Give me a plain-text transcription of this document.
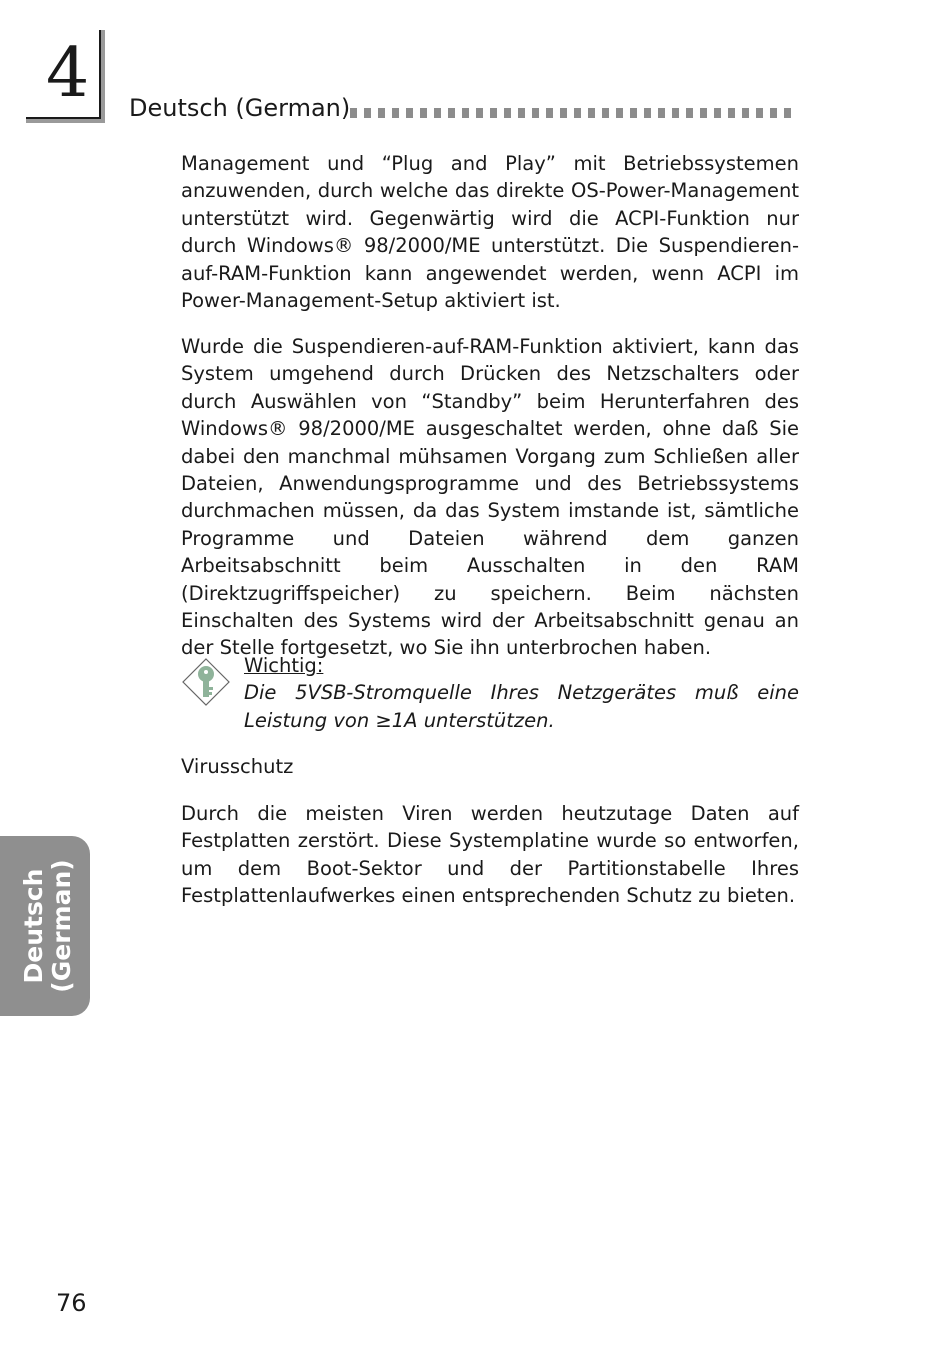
4 Deutsch (German)

Management und “Plug and Play” mit Betriebssystemen anzuwenden, durch welche das direkte OS-Power-Management unterstützt wird. Gegenwärtig wird die ACPI-Funktion nur durch Windows® 98/2000/ME unterstützt. Die Suspendieren-auf-RAM-Funktion kann angewendet werden, wenn ACPI im Power-Management-Setup aktiviert ist.

Wurde die Suspendieren-auf-RAM-Funktion aktiviert, kann das System umgehend durch Drücken des Netzschalters oder durch Auswählen von “Standby” beim Herunterfahren des Windows® 98/2000/ME ausgeschaltet werden, ohne daß Sie dabei den manchmal mühsamen Vorgang zum Schließen aller Dateien, Anwendungsprogramme und des Betriebssystems durchmachen müssen, da das System imstande ist, sämtliche Programme und Dateien während dem ganzen Arbeitsabschnitt beim Ausschalten in den RAM (Direktzugriffspeicher) zu speichern. Beim nächsten Einschalten des Systems wird der Arbeitsabschnitt genau an der Stelle fortgesetzt, wo Sie ihn unterbrochen haben.

Wichtig:

Die 5VSB-Stromquelle Ihres Netzgerätes muß eine Leistung von ≥1A unterstützen.

Virusschutz

Durch die meisten Viren werden heutzutage Daten auf Festplatten zerstört. Diese Systemplatine wurde so entworfen, um dem Boot-Sektor und der Partitionstabelle Ihres Festplattenlaufwerkes einen entsprechenden Schutz zu bieten.

Deutsch (German)
76
